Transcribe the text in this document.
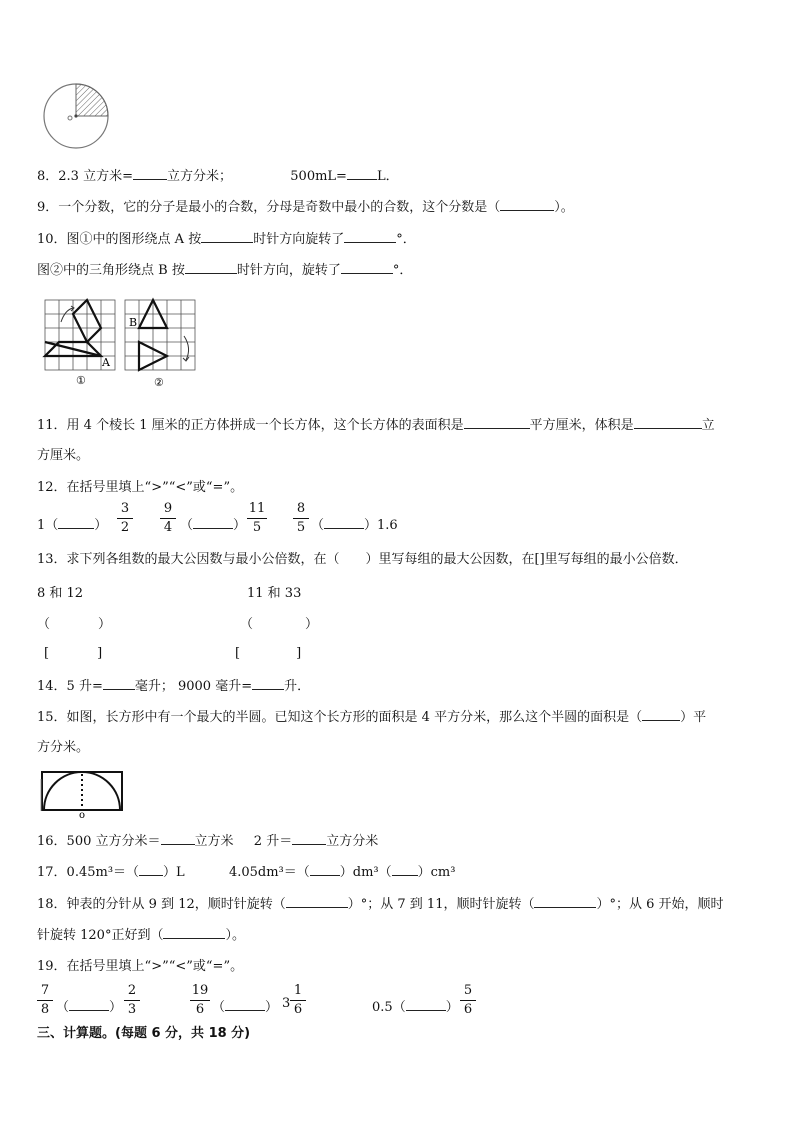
8．2.3 立方米=	立方分米；	500mL= L．
9．一个分数，它的分子是最小的合数，分母是奇数中最小的合数，这个分数是（	）。
10．图①中的图形绕点 A 按	时针方向旋转了	°．
图②中的三角形绕点 B 按	时针方向，旋转了	°．
A
①
B
②
11．用 4 个棱长 1 厘米的正方体拼成一个长方体，这个长方体的表面积是	平方厘米，体积是	立
方厘米。
12．在括号里填上“>”“<”或“=”。
1（	）
3
2
9
4 （	）
11
5
8
5 （	）1.6
13．求下列各组数的最大公因数与最小公倍数，在（　　）里写每组的最大公因数，在[]里写每组的最小公倍数．
8 和 12	11 和 33
（	）	（	）
[	]	[	]
14．5 升= 毫升； 9000 毫升= 升．
15．如图，长方形中有一个最大的半圆。已知这个长方形的面积是 4 平方分米，那么这个半圆的面积是（	）平
方分米。
o
16．500 立方分米＝	立方米 2 升＝	立方分米
17．0.45m³＝（ ）L	4.05dm³＝（ ）dm³（ ）cm³
18．钟表的分针从 9 到 12，顺时针旋转（	）°；从 7 到 11，顺时针旋转（	）°；从 6 开始，顺时
针旋转 120°正好到（	）。
19．在括号里填上“>”“<”或“=”。
7
8 （	）
2
3
19
6 （	） 3
1
6	0.5（	）
5
6
三、计算题。(每题 6 分，共 18 分)
